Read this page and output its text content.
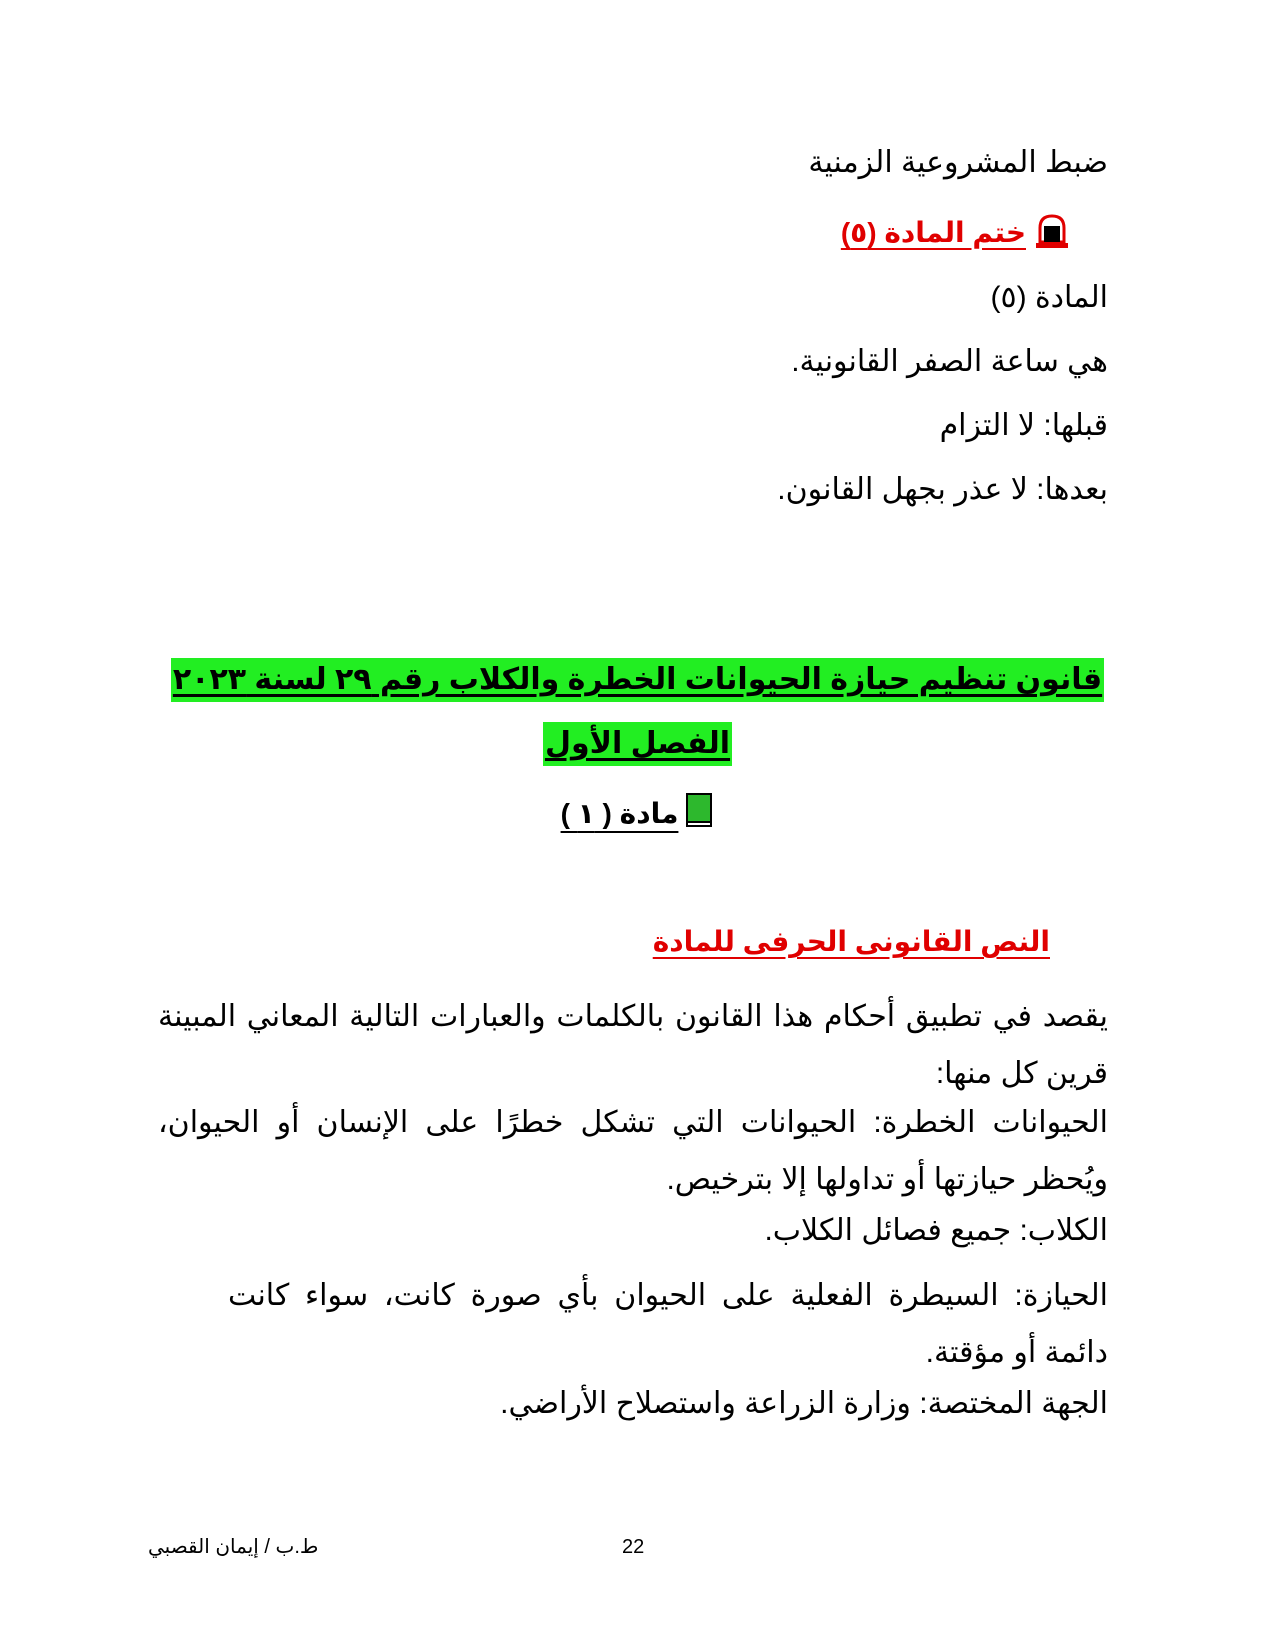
ضبط المشروعية الزمنية
ختم المادة (٥)
المادة (٥)
هي ساعة الصفر القانونية.
قبلها: لا التزام
بعدها: لا عذر بجهل القانون.
قانون تنظيم حيازة الحيوانات الخطرة والكلاب رقم ٢٩ لسنة ٢٠٢٣
الفصل الأول
مادة ( ١ )
النص القانونى الحرفى للمادة
يقصد في تطبيق أحكام هذا القانون بالكلمات والعبارات التالية المعاني المبينة قرين كل منها:
الحيوانات الخطرة: الحيوانات التي تشكل خطرًا على الإنسان أو الحيوان، ويُحظر حيازتها أو تداولها إلا بترخيص.
الكلاب: جميع فصائل الكلاب.
الحيازة: السيطرة الفعلية على الحيوان بأي صورة كانت، سواء كانت دائمة أو مؤقتة.
الجهة المختصة: وزارة الزراعة واستصلاح الأراضي.
22
ط.ب / إيمان القصبي
